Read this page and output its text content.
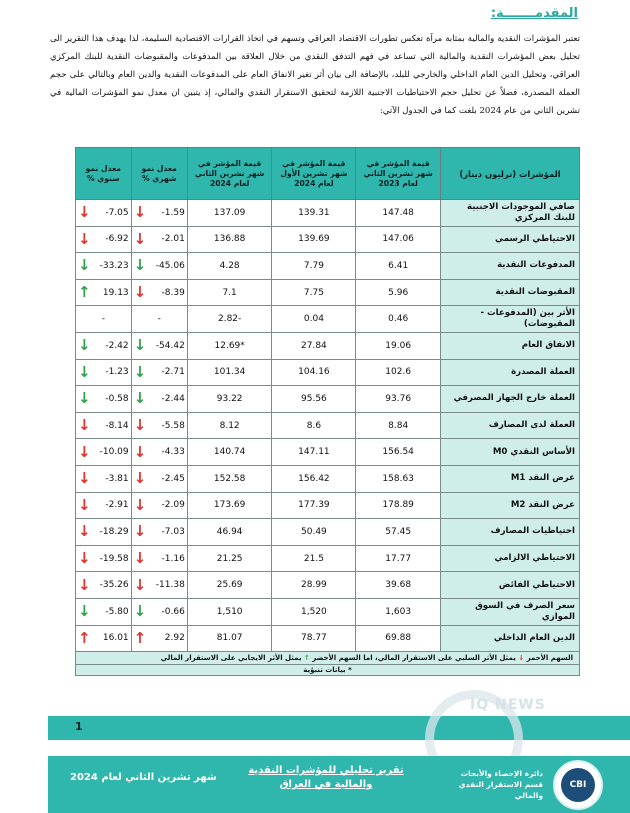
المقدمـــــــة:

تعتبر المؤشرات النقدية والمالية بمثابة مرآة تعكس تطورات الاقتصاد العراقي وتسهم في اتخاذ القرارات الاقتصادية السليمة، لذا يهدف هذا التقرير الى تحليل بعض المؤشرات النقدية والمالية التي تساعد في فهم التدفق النقدي من خلال العلاقة بين المدفوعات والمقبوضات النقدية للبنك المركزي العراقي، وتحليل الدين العام الداخلي والخارجي للبلد، بالإضافة الى بيان أثر تغير الانفاق العام على المدفوعات النقدية والدين العام وبالتالي على حجم العملة المصدرة، فضلاً عن تحليل حجم الاحتياطيات الاجنبية اللازمة لتحقيق الاستقرار النقدي والمالي، إذ يتبين ان معدل نمو المؤشرات المالية في تشرين الثاني من عام 2024 بلغت كما في الجدول الآتي:

المؤشرات (ترليون دينار)	قيمة المؤشر في شهر تشرين الثاني لعام 2023	قيمة المؤشر في شهر تشرين الأول لعام 2024	قيمة المؤشر في شهر تشرين الثاني لعام 2024	معدل نمو شهري %	معدل نمو سنوي %
صافي الموجودات الاجنبية للبنك المركزي	147.48	139.31	137.09	↓ -1.59	↓ -7.05

الاحتياطي الرسمي	147.06	139.69	136.88	↓ -2.01	↓ -6.92

المدفوعات النقدية	6.41	7.79	4.28	↓ -45.06	↓ -33.23

المقبوضات النقدية	5.96	7.75	7.1	↓ -8.39	↑ 19.13

الأثر بين (المدفوعات - المقبوضات)	0.46	0.04	-2.82	-	-

الانفاق العام	19.06	27.84	*12.69	↓ -54.42	↓ -2.42

العملة المصدرة	102.6	104.16	101.34	↓ -2.71	↓ -1.23

العملة خارج الجهاز المصرفي	93.76	95.56	93.22	↓ -2.44	↓ -0.58

العملة لدى المصارف	8.84	8.6	8.12	↓ -5.58	↓ -8.14

الأساس النقدي M0	156.54	147.11	140.74	↓ -4.33	↓ -10.09

عرض النقد M1	158.63	156.42	152.58	↓ -2.45	↓ -3.81

عرض النقد M2	178.89	177.39	173.69	↓ -2.09	↓ -2.91

احتياطيات المصارف	57.45	50.49	46.94	↓ -7.03	↓ -18.29

الاحتياطي الالزامي	17.77	21.5	21.25	↓ -1.16	↓ -19.58

الاحتياطي الفائض	39.68	28.99	25.69	↓ -11.38	↓ -35.26

سعر الصرف في السوق الموازي	1,603	1,520	1,510	↓ -0.66	↓ -5.80

الدين العام الداخلي	69.88	78.77	81.07	↑ 2.92	↑ 16.01

السهم الأحمر ↓ يمثل الأثر السلبي على الاستقرار المالي، اما السهم الأخضر ↑ يمثل الأثر الايجابي على الاستقرار المالي					
* بيانات تنبؤية					
1
IQ NEWS
شهر تشرين الثاني لعام 2024
تقرير تحليلي للمؤشرات النقدية والمالية في العراق
دائرة الإحصاء والأبحاث
قسم الاستقرار النقدي والمالي
CBI
